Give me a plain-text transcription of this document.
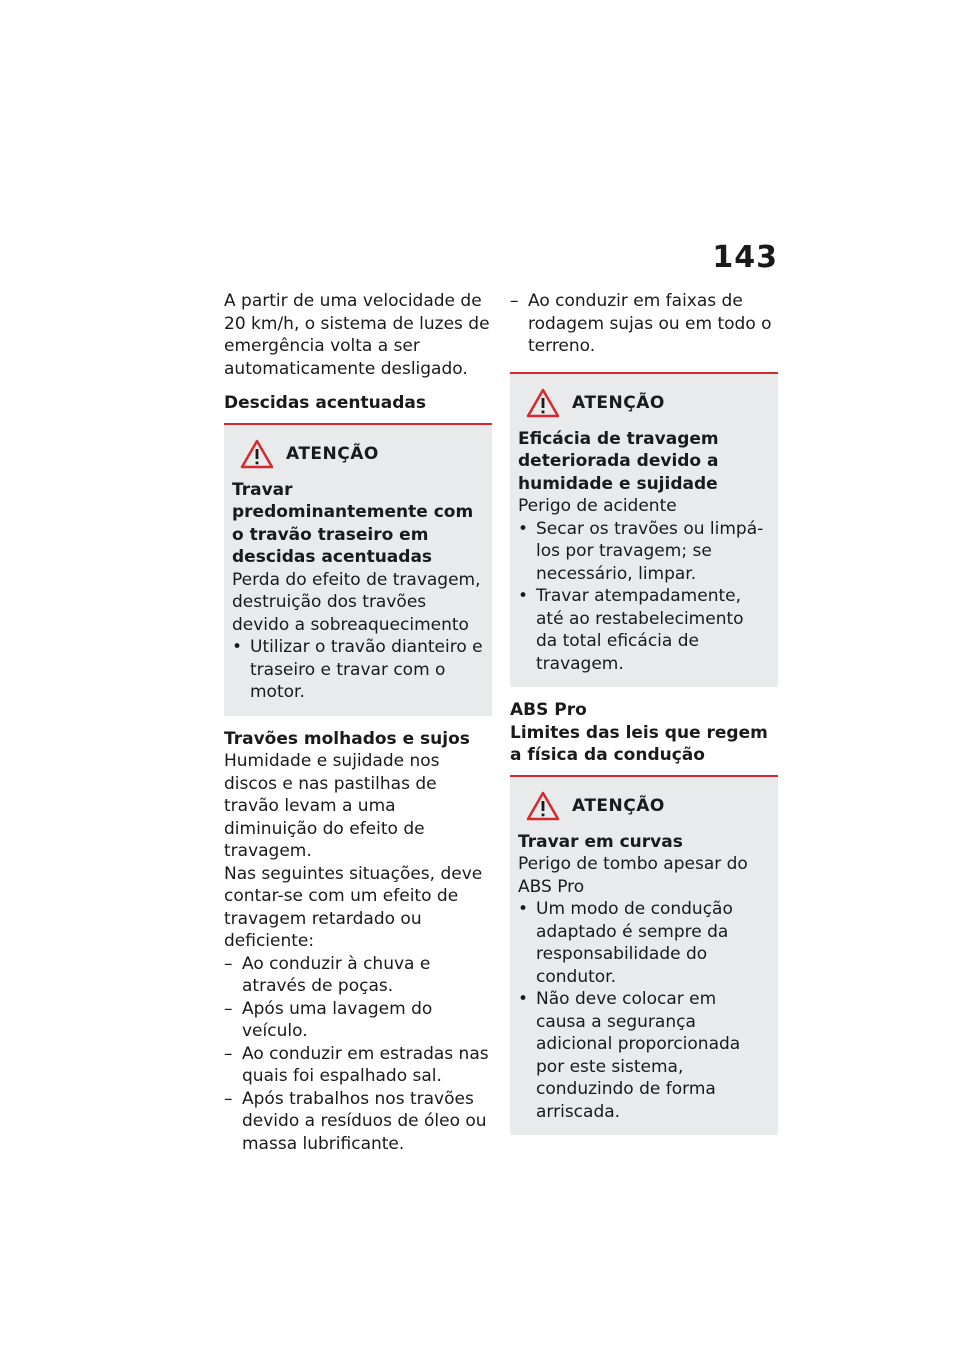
143

A partir de uma velocidade de 20 km/h, o sistema de luzes de emergência volta a ser automaticamente desligado.

Descidas acentuadas

ATENÇÃO

Travar predominantemente com o travão traseiro em descidas acentuadas

Perda do efeito de travagem, destruição dos travões devido a sobreaquecimento

• Utilizar o travão dianteiro e traseiro e travar com o motor.

Travões molhados e sujos

Humidade e sujidade nos discos e nas pastilhas de travão levam a uma diminuição do efeito de travagem.

Nas seguintes situações, deve contar-se com um efeito de travagem retardado ou deficiente:

– Ao conduzir à chuva e através de poças.
– Após uma lavagem do veículo.
– Ao conduzir em estradas nas quais foi espalhado sal.
– Após trabalhos nos travões devido a resíduos de óleo ou massa lubrificante.
– Ao conduzir em faixas de rodagem sujas ou em todo o terreno.
ATENÇÃO

Eficácia de travagem deteriorada devido a humidade e sujidade

Perigo de acidente

• Secar os travões ou limpá-los por travagem; se necessário, limpar.
• Travar atempadamente, até ao restabelecimento da total eficácia de travagem.

ABS Pro

Limites das leis que regem a física da condução

ATENÇÃO

Travar em curvas

Perigo de tombo apesar do ABS Pro

• Um modo de condução adaptado é sempre da responsabilidade do condutor.
• Não deve colocar em causa a segurança adicional proporcionada por este sistema, conduzindo de forma arriscada.
